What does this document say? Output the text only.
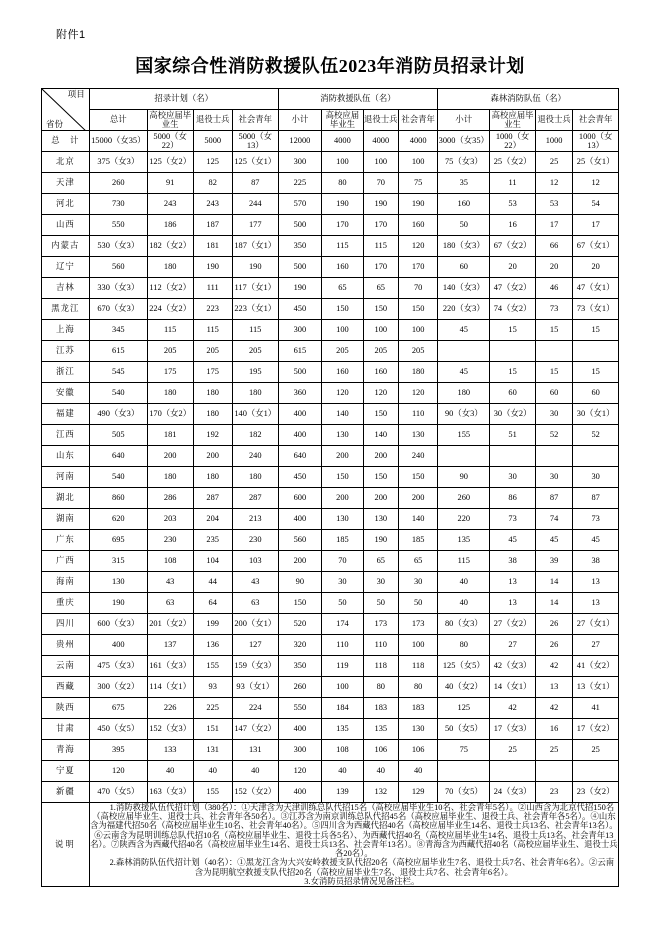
附件1
国家综合性消防救援队伍2023年消防员招录计划
项目
省份	招录计划（名）				消防救援队伍（名）				森林消防队伍（名）			
	总计	高校应届毕业生	退役士兵	社会青年	小计	高校应届毕业生	退役士兵	社会青年	小计	高校应届毕业生	退役士兵	社会青年
总　计	15000（女35）	5000（女22）	5000	5000（女13）	12000	4000	4000	4000	3000（女35）	1000（女22）	1000	1000（女13）
北京	375（女3）	125（女2）	125	125（女1）	300	100	100	100	75（女3）	25（女2）	25	25（女1）
天津	260	91	82	87	225	80	70	75	35	11	12	12
河北	730	243	243	244	570	190	190	190	160	53	53	54
山西	550	186	187	177	500	170	170	160	50	16	17	17
内蒙古	530（女3）	182（女2）	181	187（女1）	350	115	115	120	180（女3）	67（女2）	66	67（女1）
辽宁	560	180	190	190	500	160	170	170	60	20	20	20
吉林	330（女3）	112（女2）	111	117（女1）	190	65	65	70	140（女3）	47（女2）	46	47（女1）
黑龙江	670（女3）	224（女2）	223	223（女1）	450	150	150	150	220（女3）	74（女2）	73	73（女1）
上海	345	115	115	115	300	100	100	100	45	15	15	15
江苏	615	205	205	205	615	205	205	205				
浙江	545	175	175	195	500	160	160	180	45	15	15	15
安徽	540	180	180	180	360	120	120	120	180	60	60	60
福建	490（女3）	170（女2）	180	140（女1）	400	140	150	110	90（女3）	30（女2）	30	30（女1）
江西	505	181	192	182	400	130	140	130	155	51	52	52
山东	640	200	200	240	640	200	200	240				
河南	540	180	180	180	450	150	150	150	90	30	30	30
湖北	860	286	287	287	600	200	200	200	260	86	87	87
湖南	620	203	204	213	400	130	130	140	220	73	74	73
广东	695	230	235	230	560	185	190	185	135	45	45	45
广西	315	108	104	103	200	70	65	65	115	38	39	38
海南	130	43	44	43	90	30	30	30	40	13	14	13
重庆	190	63	64	63	150	50	50	50	40	13	14	13
四川	600（女3）	201（女2）	199	200（女1）	520	174	173	173	80（女3）	27（女2）	26	27（女1）
贵州	400	137	136	127	320	110	110	100	80	27	26	27
云南	475（女3）	161（女3）	155	159（女3）	350	119	118	118	125（女5）	42（女3）	42	41（女2）
西藏	300（女2）	114（女1）	93	93（女1）	260	100	80	80	40（女2）	14（女1）	13	13（女1）
陕西	675	226	225	224	550	184	183	183	125	42	42	41
甘肃	450（女5）	152（女3）	151	147（女2）	400	135	135	130	50（女5）	17（女3）	16	17（女2）
青海	395	133	131	131	300	108	106	106	75	25	25	25
宁夏	120	40	40	40	120	40	40	40				
新疆	470（女5）	163（女3）	155	152（女2）	400	139	132	129	70（女5）	24（女3）	23	23（女2）
说明	1.消防救援队伍代招计划（380名）：①天津含为天津训练总队代招15名（高校应届毕业生10名、社会青年5名）。②山西含为北京代招150名（高校应届毕业生、退役士兵、社会青年各50名）。③江苏含为南京训练总队代招45名（高校应届毕业生、退役士兵、社会青年各5名）。④山东含为福建代招50名（高校应届毕业生10名、社会青年40名）。⑤四川含为西藏代招40名（高校应届毕业生14名、退役士兵13名、社会青年13名）。⑥云南含为昆明训练总队代招10名（高校应届毕业生、退役士兵各5名）、为西藏代招40名（高校应届毕业生14名、退役士兵13名、社会青年13名）。⑦陕西含为西藏代招40名（高校应届毕业生14名、退役士兵13名、社会青年13名）。⑧青海含为西藏代招40名（高校应届毕业生、退役士兵各20名）。

2.森林消防队伍代招计划（40名）：①黑龙江含为大兴安岭救援支队代招20名（高校应届毕业生7名、退役士兵7名、社会青年6名）。②云南含为昆明航空救援支队代招20名（高校应届毕业生7名、退役士兵7名、社会青年6名）。

3.女消防员招录情况见备注栏。											
